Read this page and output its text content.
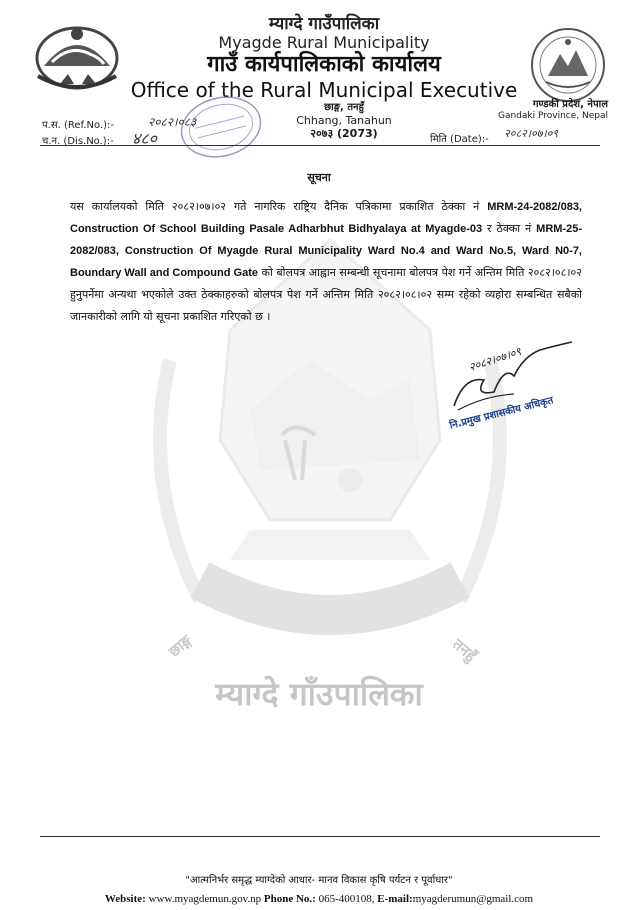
म्याग्दे गाउँपालिका
Myagde Rural Municipality
गाउँ कार्यपालिकाको कार्यालय
Office of the Rural Municipal Executive
छाङ्ग, तनहुँ
Chhang, Tanahun
२०७३ (2073)
गण्डकी प्रदेश, नेपाल
Gandaki Province, Nepal
प.स. (Ref.No.):-	२०८२।०८३
च.न. (Dis.No.):- ४८०	मिति (Date):- २०८२।०७।०९
छाङ्ग	तनहुँ
म्याग्दे गाँउपालिका
सूचना
यस कार्यालयको मिति २०८२।०७।०२ गते नागरिक राष्ट्रिय दैनिक पत्रिकामा प्रकाशित ठेक्का नं MRM-24-2082/083, Construction Of School Building Pasale Adharbhut Bidhyalaya at Myagde-03 र ठेक्का नं MRM-25-2082/083, Construction Of Myagde Rural Municipality Ward No.4 and Ward No.5, Ward N0-7, Boundary Wall and Compound Gate को बोलपत्र आह्वान सम्बन्धी सूचनामा बोलपत्र पेश गर्ने अन्तिम मिति २०८२।०८।०२ हुनुपर्नेमा अन्यथा भएकोले उक्त ठेक्काहरुको बोलपत्र पेश गर्ने अन्तिम मिति २०८२।०८।०२ सम्म रहेको व्यहोरा सम्बन्धित सबैको जानकारीको लागि यो सूचना प्रकाशित गरिएको छ ।
२०८२।०७।०९
नि.प्रमुख प्रशासकीय अधिकृत
"आत्मनिर्भर समृद्ध म्याग्देको आधार- मानव विकास कृषि पर्यटन र पूर्वाधार"
Website: www.myagdemun.gov.np Phone No.: 065-400108, E-mail:myagderumun@gmail.com
